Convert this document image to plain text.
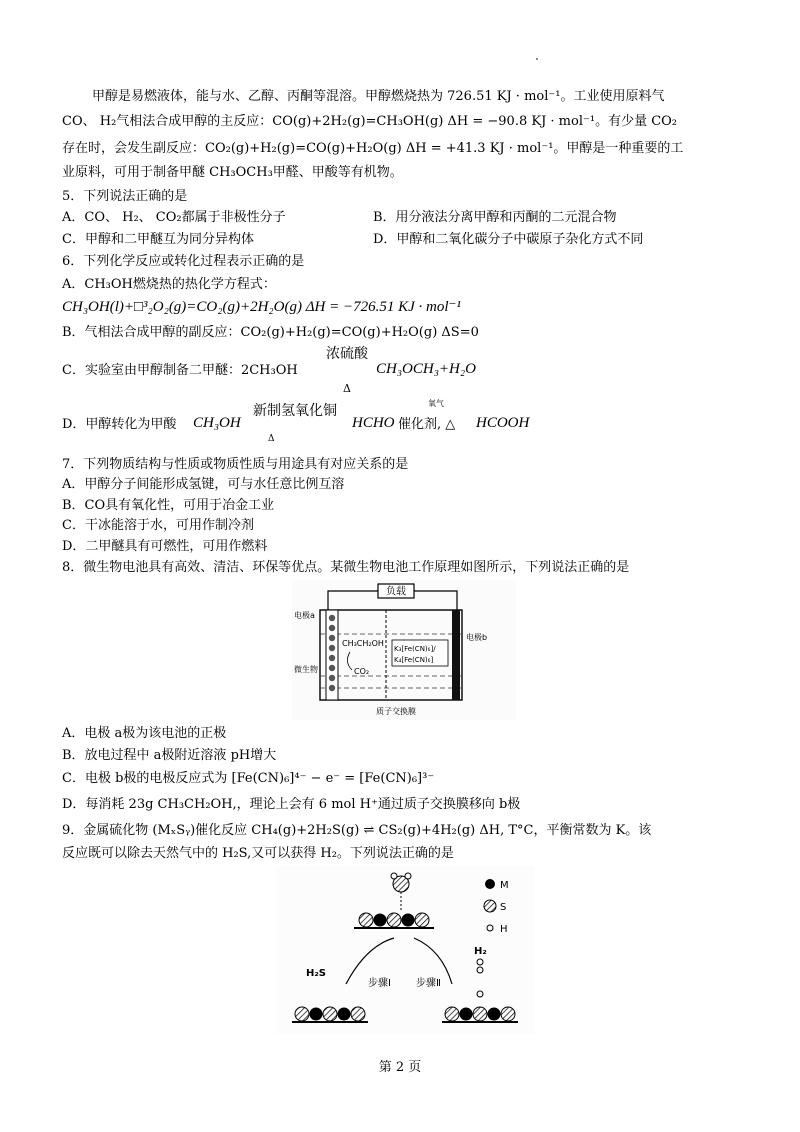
甲醇是易燃液体，能与水、乙醇、丙酮等混溶。甲醇燃烧热为 726.51 KJ · mol⁻¹。工业使用原料气
CO、 H₂气相法合成甲醇的主反应：CO(g)+2H₂(g)=CH₃OH(g) ΔH = −90.8 KJ · mol⁻¹。有少量 CO₂
存在时，会发生副反应：CO₂(g)+H₂(g)=CO(g)+H₂O(g) ΔH = +41.3 KJ · mol⁻¹。甲醇是一种重要的工
业原料，可用于制备甲醚 CH₃OCH₃甲醛、甲酸等有机物。
5．下列说法正确的是
A．CO、 H₂、 CO₂都属于非极性分子	B．用分液法分离甲醇和丙酮的二元混合物
C．甲醇和二甲醚互为同分异构体	D．甲醇和二氧化碳分子中碳原子杂化方式不同
6．下列化学反应或转化过程表示正确的是
A．CH₃OH燃烧热的热化学方程式：
CH₃OH(l)+□³₂O₂(g)=CO₂(g)+2H₂O(g) ΔH = −726.51 KJ · mol⁻¹
B．气相法合成甲醇的副反应：CO₂(g)+H₂(g)=CO(g)+H₂O(g) ΔS=0
C．实验室由甲醇制备二甲醚：2CH₃OH
浓硫酸
Δ
CH₃OCH₃+H₂O
D．甲醇转化为甲酸	CH₃OH
新制氢氧化铜
Δ
HCHO 催化剂, △
氧气
HCOOH
7．下列物质结构与性质或物质性质与用途具有对应关系的是
A．甲醇分子间能形成氢键，可与水任意比例互溶
B．CO具有氧化性，可用于冶金工业
C．干冰能溶于水，可用作制冷剂
D．二甲醚具有可燃性，可用作燃料
8．微生物电池具有高效、清洁、环保等优点。某微生物电池工作原理如图所示，下列说法正确的是
负载
电极a
微生物
CH₃CH₂OH
CO₂
K₃[Fe(CN)₆]/
K₄[Fe(CN)₆]
电极b
质子交换膜
A．电极 a极为该电池的正极
B．放电过程中 a极附近溶液 pH增大
C．电极 b极的电极反应式为 [Fe(CN)₆]⁴⁻ − e⁻ = [Fe(CN)₆]³⁻
D．每消耗 23g CH₃CH₂OH,，理论上会有 6 mol H⁺通过质子交换膜移向 b极
9．金属硫化物 (MₓSᵧ)催化反应 CH₄(g)+2H₂S(g) ⇌ CS₂(g)+4H₂(g) ΔH, T°C，平衡常数为 K。该
反应既可以除去天然气中的 H₂S,又可以获得 H₂。下列说法正确的是
M
S
H
H₂S
H₂
步骤Ⅰ	步骤Ⅱ
第 2 页
